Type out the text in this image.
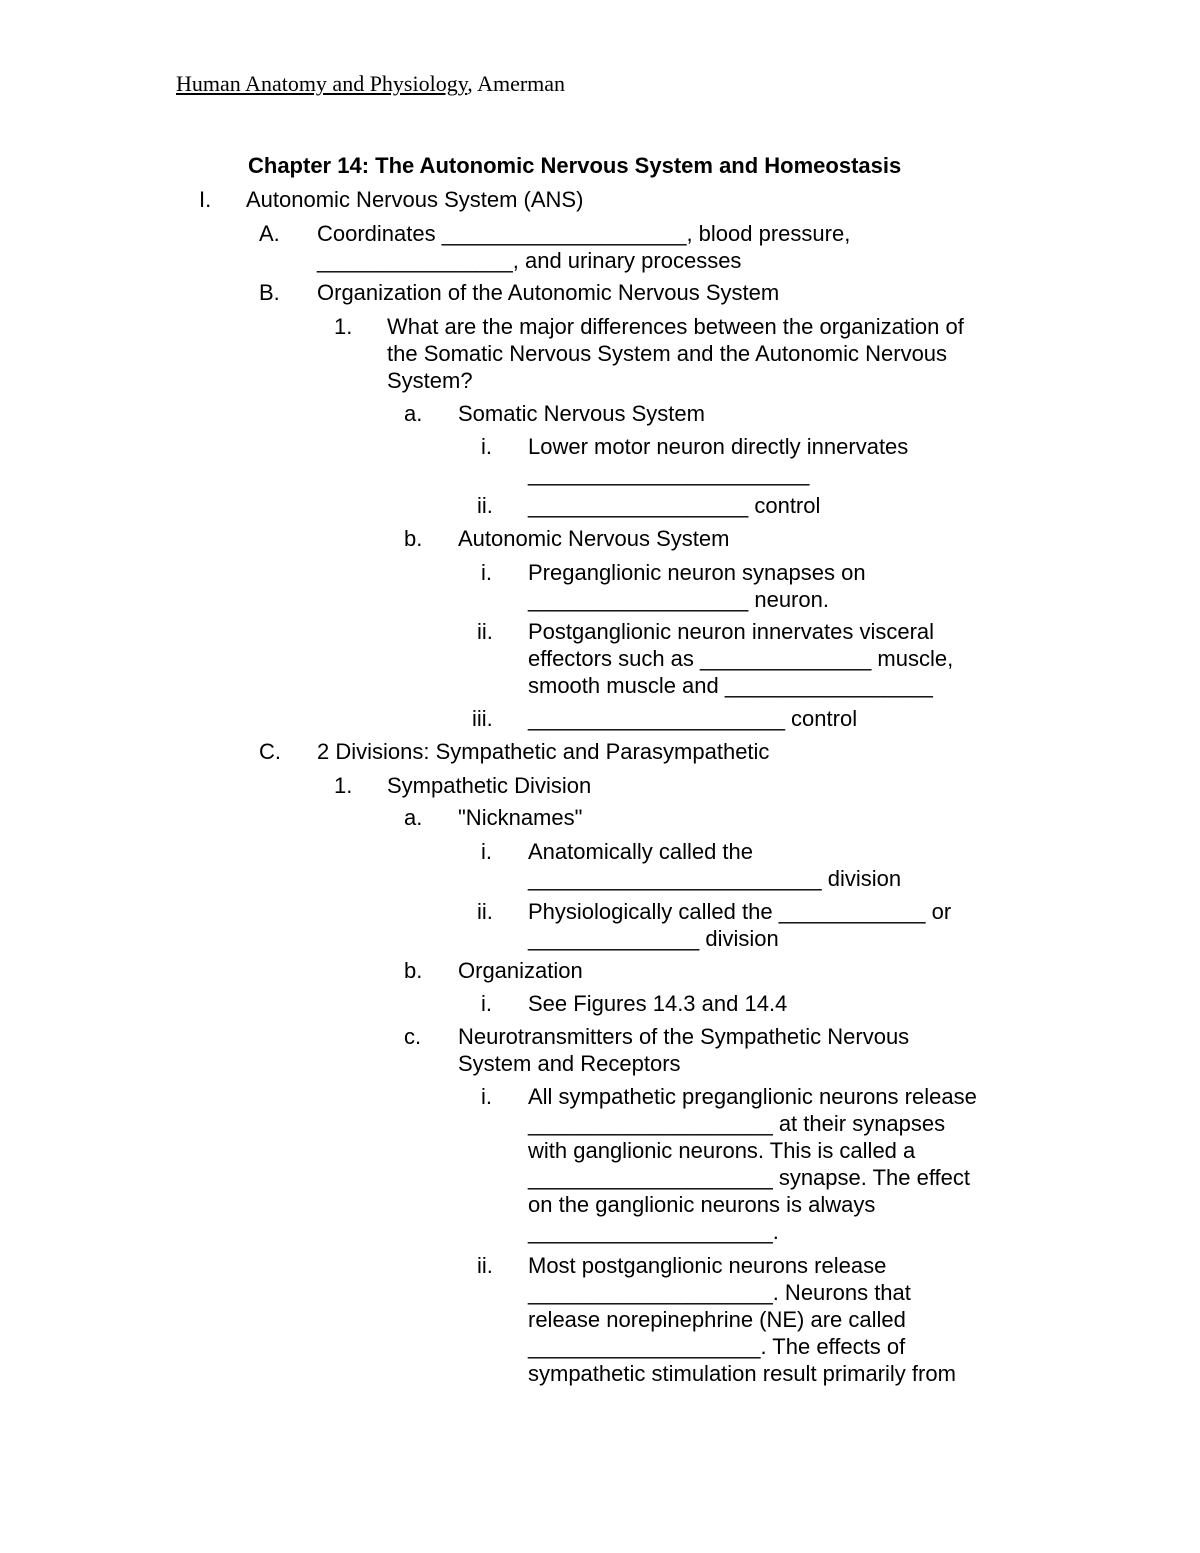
Human Anatomy and Physiology, Amerman
Chapter 14: The Autonomic Nervous System and Homeostasis
I. Autonomic Nervous System (ANS)
A. Coordinates ____________________, blood pressure,
________________, and urinary processes
B. Organization of the Autonomic Nervous System
1. What are the major differences between the organization of
the Somatic Nervous System and the Autonomic Nervous
System?
a. Somatic Nervous System
i. Lower motor neuron directly innervates
_______________________
ii. __________________ control
b. Autonomic Nervous System
i. Preganglionic neuron synapses on
__________________ neuron.
ii. Postganglionic neuron innervates visceral
effectors such as ______________ muscle,
smooth muscle and _________________
iii. _____________________ control
C. 2 Divisions: Sympathetic and Parasympathetic
1. Sympathetic Division
a. "Nicknames"
i. Anatomically called the
________________________ division
ii. Physiologically called the ____________ or
______________ division
b. Organization
i. See Figures 14.3 and 14.4
c. Neurotransmitters of the Sympathetic Nervous
System and Receptors
i. All sympathetic preganglionic neurons release
____________________ at their synapses
with ganglionic neurons. This is called a
____________________ synapse. The effect
on the ganglionic neurons is always
____________________.
ii. Most postganglionic neurons release
____________________. Neurons that
release norepinephrine (NE) are called
___________________. The effects of
sympathetic stimulation result primarily from
